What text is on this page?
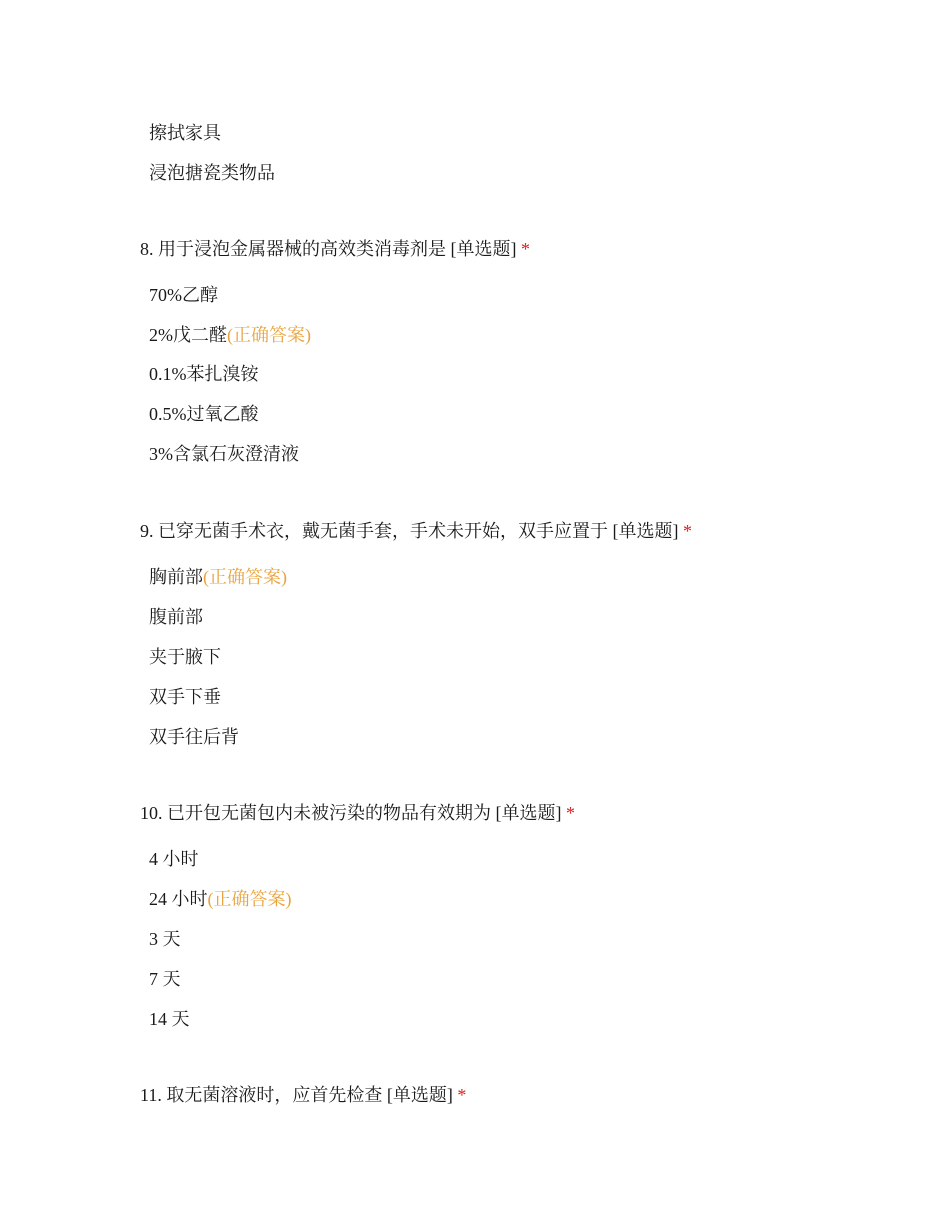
擦拭家具
浸泡搪瓷类物品
8. 用于浸泡金属器械的高效类消毒剂是 [单选题] *
70%乙醇
2%戊二醛(正确答案)
0.1%苯扎溴铵
0.5%过氧乙酸
3%含氯石灰澄清液
9. 已穿无菌手术衣，戴无菌手套，手术未开始，双手应置于 [单选题] *
胸前部(正确答案)
腹前部
夹于腋下
双手下垂
双手往后背
10. 已开包无菌包内未被污染的物品有效期为 [单选题] *
4 小时
24 小时(正确答案)
3 天
7 天
14 天
11. 取无菌溶液时，应首先检查 [单选题] *
